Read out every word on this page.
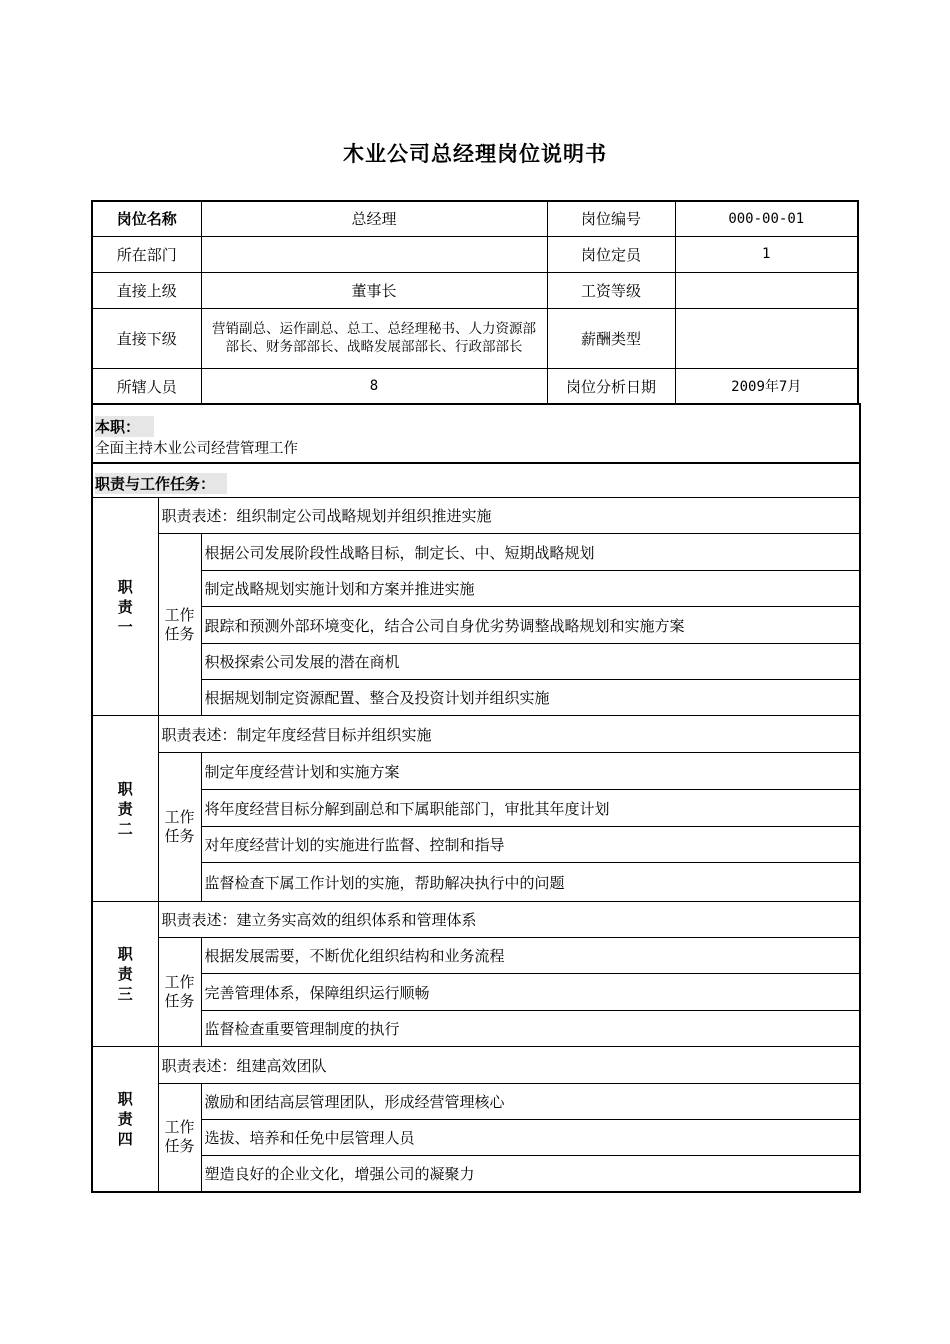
木业公司总经理岗位说明书
岗位名称	总经理	岗位编号	000-00-01
所在部门		岗位定员	1
直接上级	董事长	工资等级	
直接下级	营销副总、运作副总、总工、总经理秘书、人力资源部部长、财务部部长、战略发展部部长、行政部部长	薪酬类型	
所辖人员	8	岗位分析日期	2009年7月
本职：
全面主持木业公司经营管理工作
职责与工作任务：
职责一	职责表述：组织制定公司战略规划并组织推进实施	
	工作任务	根据公司发展阶段性战略目标，制定长、中、短期战略规划
		制定战略规划实施计划和方案并推进实施
		跟踪和预测外部环境变化，结合公司自身优劣势调整战略规划和实施方案
		积极探索公司发展的潜在商机
		根据规划制定资源配置、整合及投资计划并组织实施
职责二	职责表述：制定年度经营目标并组织实施	
	工作任务	制定年度经营计划和实施方案
		将年度经营目标分解到副总和下属职能部门，审批其年度计划
		对年度经营计划的实施进行监督、控制和指导
		监督检查下属工作计划的实施，帮助解决执行中的问题
职责三	职责表述：建立务实高效的组织体系和管理体系	
	工作任务	根据发展需要，不断优化组织结构和业务流程
		完善管理体系，保障组织运行顺畅
		监督检查重要管理制度的执行
职责四	职责表述：组建高效团队	
	工作任务	激励和团结高层管理团队，形成经营管理核心
		选拔、培养和任免中层管理人员
		塑造良好的企业文化，增强公司的凝聚力
